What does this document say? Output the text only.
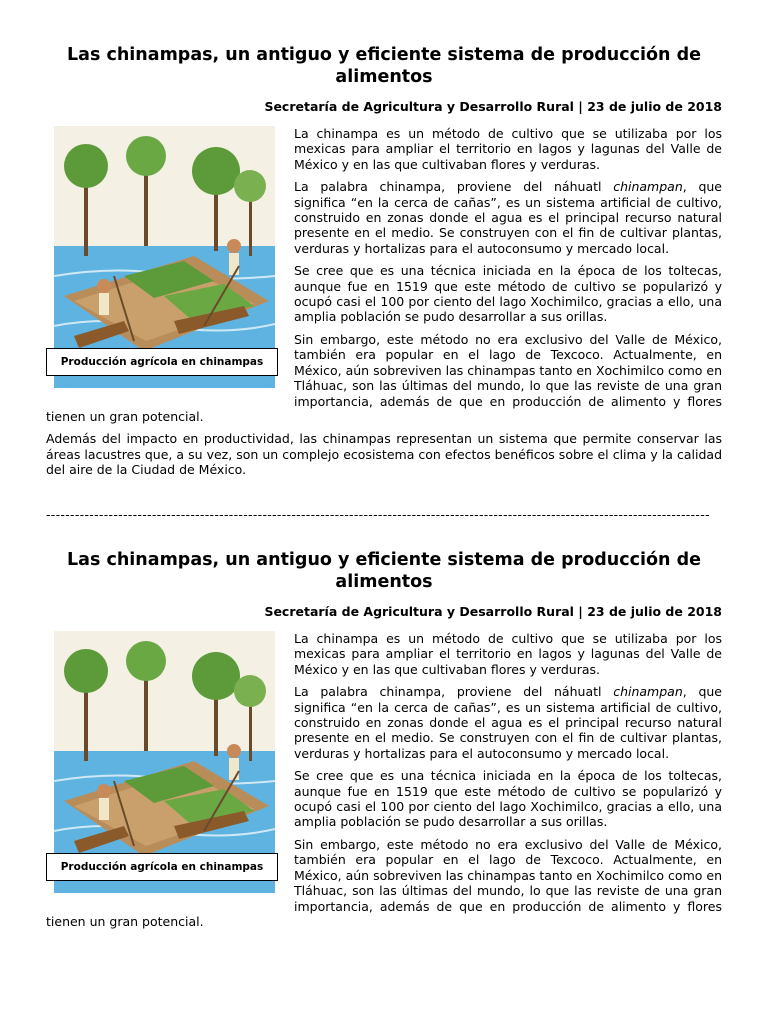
Las chinampas, un antiguo y eficiente sistema de producción de alimentos
Secretaría de Agricultura y Desarrollo Rural | 23 de julio de 2018
Producción agrícola en chinampas

La chinampa es un método de cultivo que se utilizaba por los mexicas para ampliar el territorio en lagos y lagunas del Valle de México y en las que cultivaban flores y verduras.

La palabra chinampa, proviene del náhuatl chinampan, que significa “en la cerca de cañas”, es un sistema artificial de cultivo, construido en zonas donde el agua es el principal recurso natural presente en el medio. Se construyen con el fin de cultivar plantas, verduras y hortalizas para el autoconsumo y mercado local.

Se cree que es una técnica iniciada en la época de los toltecas, aunque fue en 1519 que este método de cultivo se popularizó y ocupó casi el 100 por ciento del lago Xochimilco, gracias a ello, una amplia población se pudo desarrollar a sus orillas.

Sin embargo, este método no era exclusivo del Valle de México, también era popular en el lago de Texcoco. Actualmente, en México, aún sobreviven las chinampas tanto en Xochimilco como en Tláhuac, son las últimas del mundo, lo que las reviste de una gran importancia, además de que en producción de alimento y flores tienen un gran potencial.

Además del impacto en productividad, las chinampas representan un sistema que permite conservar las áreas lacustres que, a su vez, son un complejo ecosistema con efectos benéficos sobre el clima y la calidad del aire de la Ciudad de México.

------------------------------------------------------------------------------------------------------------------------------------------
Las chinampas, un antiguo y eficiente sistema de producción de alimentos
Secretaría de Agricultura y Desarrollo Rural | 23 de julio de 2018
Producción agrícola en chinampas

La chinampa es un método de cultivo que se utilizaba por los mexicas para ampliar el territorio en lagos y lagunas del Valle de México y en las que cultivaban flores y verduras.

La palabra chinampa, proviene del náhuatl chinampan, que significa “en la cerca de cañas”, es un sistema artificial de cultivo, construido en zonas donde el agua es el principal recurso natural presente en el medio. Se construyen con el fin de cultivar plantas, verduras y hortalizas para el autoconsumo y mercado local.

Se cree que es una técnica iniciada en la época de los toltecas, aunque fue en 1519 que este método de cultivo se popularizó y ocupó casi el 100 por ciento del lago Xochimilco, gracias a ello, una amplia población se pudo desarrollar a sus orillas.

Sin embargo, este método no era exclusivo del Valle de México, también era popular en el lago de Texcoco. Actualmente, en México, aún sobreviven las chinampas tanto en Xochimilco como en Tláhuac, son las últimas del mundo, lo que las reviste de una gran importancia, además de que en producción de alimento y flores tienen un gran potencial.
